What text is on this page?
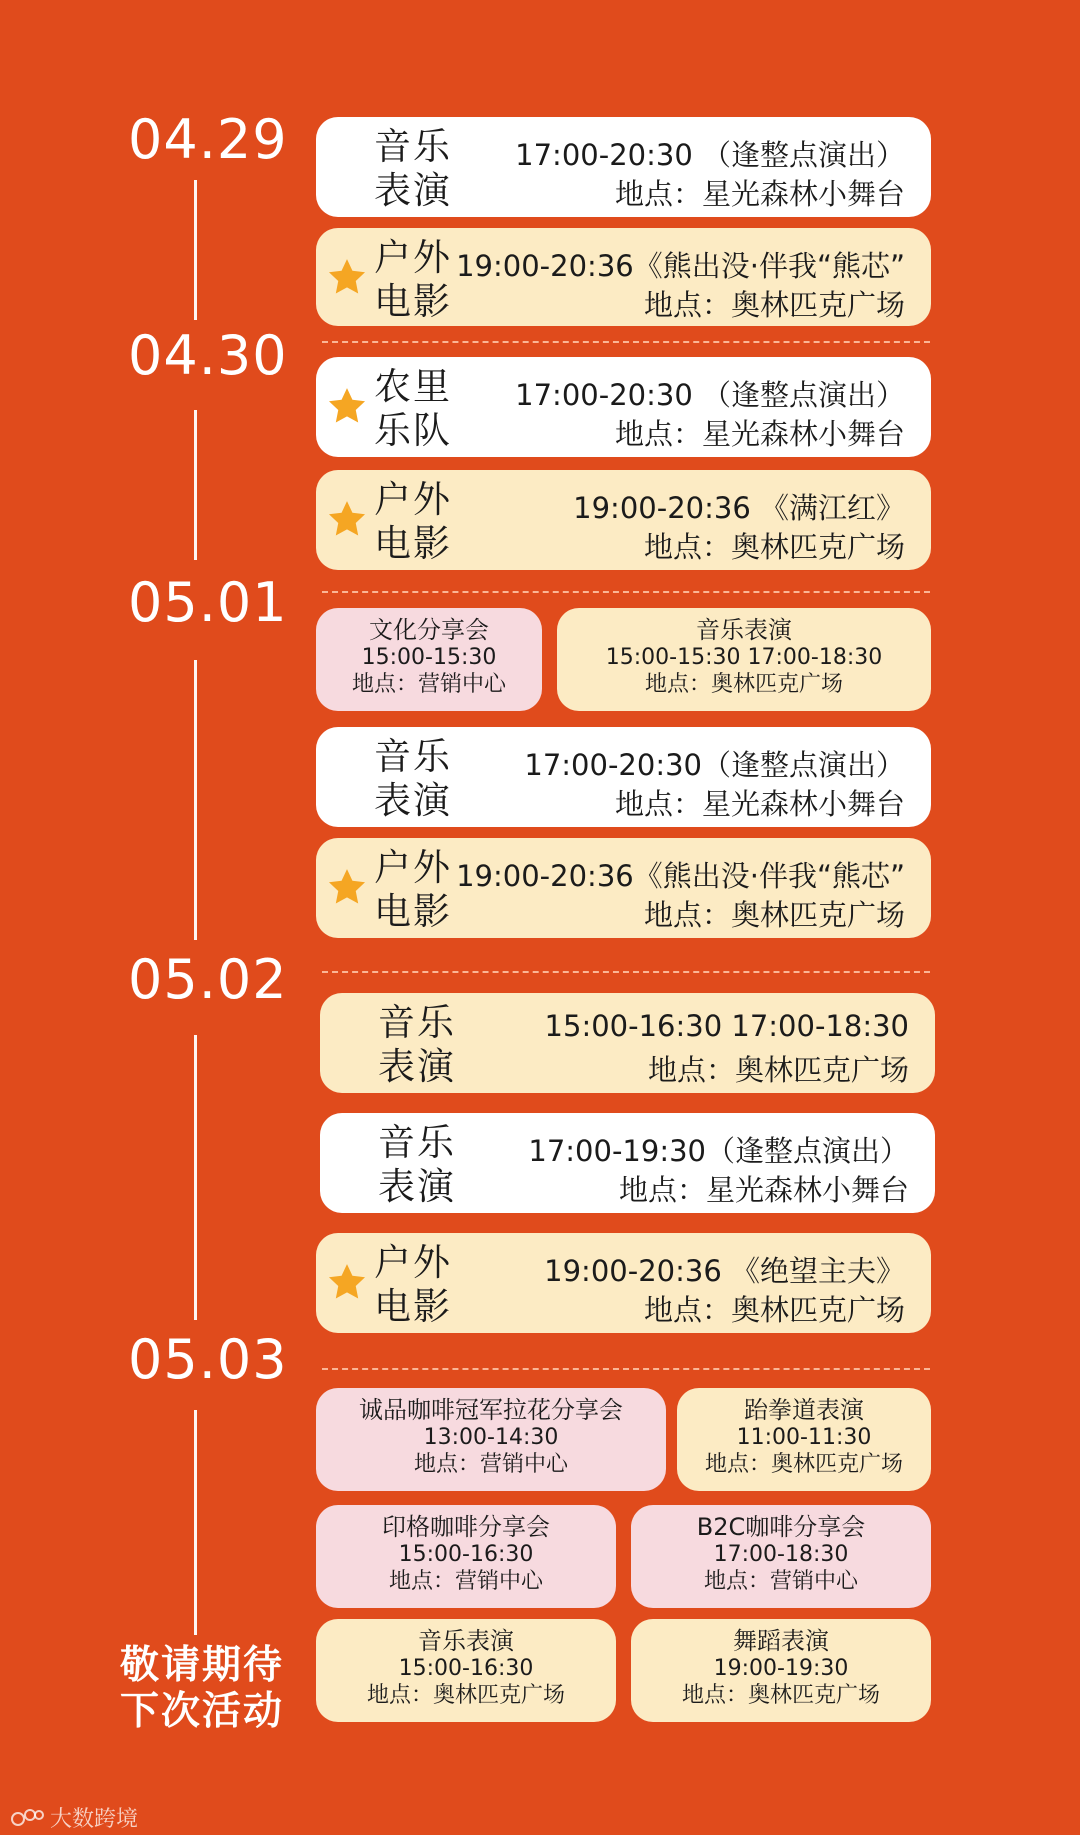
04.29
04.30
05.01
05.02
05.03
音乐
表演
17:00-20:30 （逢整点演出）
地点：星光森林小舞台
户外
电影
19:00-20:36《熊出没·伴我“熊芯”
地点：奥林匹克广场
农里
乐队
17:00-20:30 （逢整点演出）
地点：星光森林小舞台
户外
电影
19:00-20:36 《满江红》
地点：奥林匹克广场
音乐
表演
17:00-20:30（逢整点演出）
地点：星光森林小舞台
户外
电影
19:00-20:36《熊出没·伴我“熊芯”
地点：奥林匹克广场
音乐
表演
15:00-16:30 17:00-18:30
地点：奥林匹克广场
音乐
表演
17:00-19:30（逢整点演出）
地点：星光森林小舞台
户外
电影
19:00-20:36 《绝望主夫》
地点：奥林匹克广场
文化分享会
15:00-15:30
地点：营销中心
音乐表演
15:00-15:30 17:00-18:30
地点：奥林匹克广场
诚品咖啡冠军拉花分享会
13:00-14:30
地点：营销中心
跆拳道表演
11:00-11:30
地点：奥林匹克广场
印格咖啡分享会
15:00-16:30
地点：营销中心
B2C咖啡分享会
17:00-18:30
地点：营销中心
音乐表演
15:00-16:30
地点：奥林匹克广场
舞蹈表演
19:00-19:30
地点：奥林匹克广场
敬请期待
下次活动
大数跨境
